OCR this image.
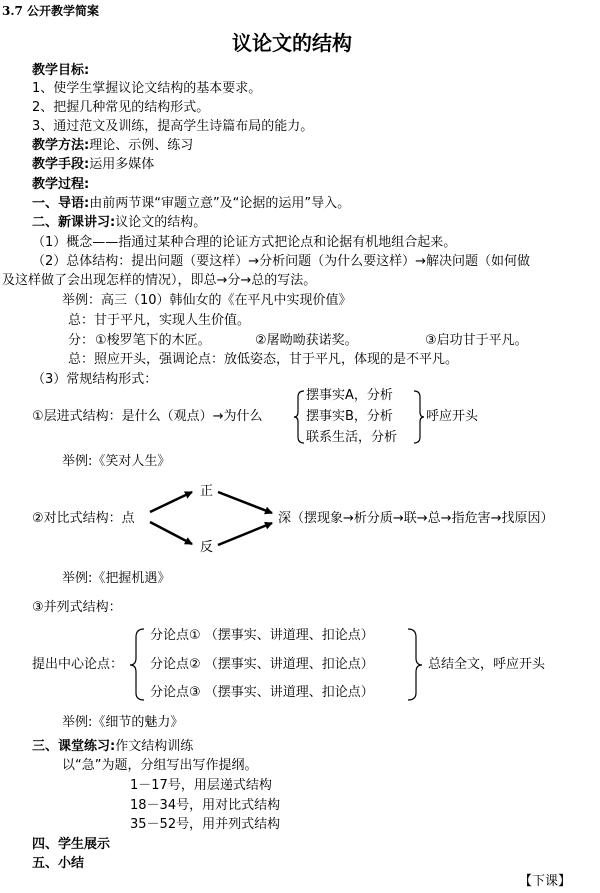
3.7 公开教学简案
议论文的结构
教学目标:
1、使学生掌握议论文结构的基本要求。
2、把握几种常见的结构形式。
3、通过范文及训练，提高学生诗篇布局的能力。
教学方法:理论、示例、练习
教学手段:运用多媒体
教学过程:
一、导语:由前两节课“审题立意”及“论据的运用”导入。
二、新课讲习:议论文的结构。
（1）概念——指通过某种合理的论证方式把论点和论据有机地组合起来。
（2）总体结构：提出问题（要这样）→分析问题（为什么要这样）→解决问题（如何做
及这样做了会出现怎样的情况），即总→分→总的写法。
举例：高三（10）韩仙女的《在平凡中实现价值》
总：甘于平凡，实现人生价值。
分： ①梭罗笔下的木匠。	②屠呦呦获诺奖。	③启功甘于平凡。
总：照应开头，强调论点：放低姿态，甘于平凡，体现的是不平凡。
（3）常规结构形式：
①层进式结构：是什么（观点）→为什么
摆事实A，分析
摆事实B，分析
联系生活，分析
呼应开头
举例:《笑对人生》
②对比式结构：点
正
反
深（摆现象→析分质→联→总→指危害→找原因）
举例:《把握机遇》
③并列式结构：
提出中心论点：
分论点① （摆事实、讲道理、扣论点）
分论点② （摆事实、讲道理、扣论点）
分论点③ （摆事实、讲道理、扣论点）
总结全文，呼应开头
举例:《细节的魅力》
三、课堂练习:作文结构训练
以“急”为题，分组写出写作提纲。
1－17号，用层递式结构
18－34号，用对比式结构
35－52号，用并列式结构
四、学生展示
五、小结
【下课】
